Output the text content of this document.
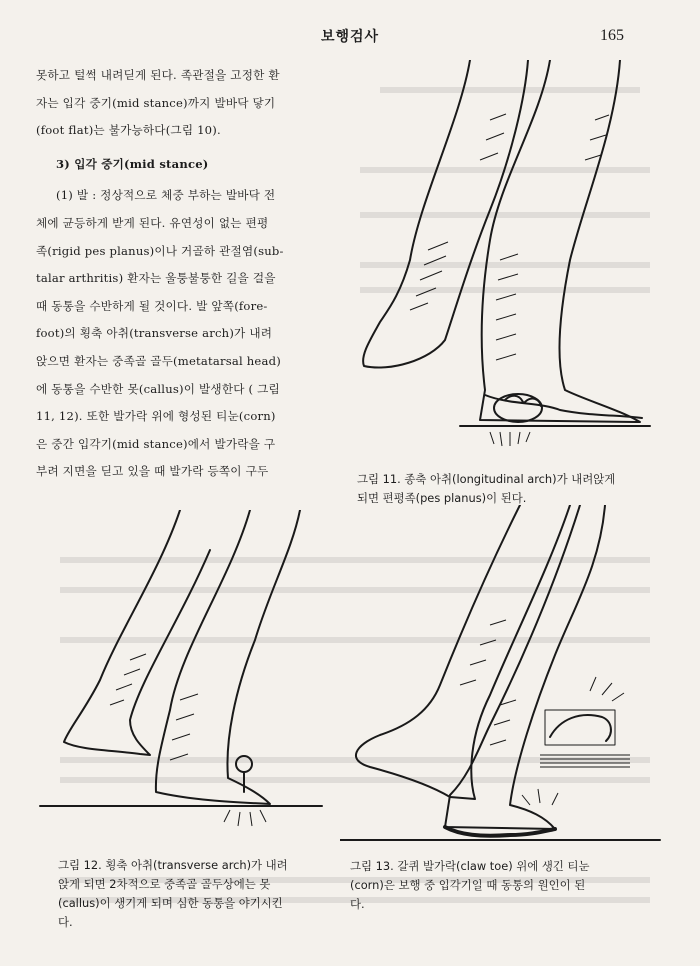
보행검사	165

못하고 털썩 내려딛게 된다. 족관절을 고정한 환

자는 입각 중기(mid stance)까지 발바닥 닿기

(foot flat)는 불가능하다(그림 10).

3) 입각 중기(mid stance)

(1) 발 : 정상적으로 체중 부하는 발바닥 전

체에 균등하게 받게 된다. 유연성이 없는 편평

족(rigid pes planus)이나 거골하 관절염(sub-

talar arthritis) 환자는 울퉁불퉁한 길을 걸을

때 동통을 수반하게 될 것이다. 발 앞쪽(fore-

foot)의 횡축 아취(transverse arch)가 내려

앉으면 환자는 중족골 골두(metatarsal head)

에 동통을 수반한 못(callus)이 발생한다 ( 그림

11, 12). 또한 발가락 위에 형성된 티눈(corn)

은 중간 입각기(mid stance)에서 발가락을 구

부려 지면을 딛고 있을 때 발가락 등쪽이 구두

그림 11. 종축 아취(longitudinal arch)가 내려앉게

되면 편평족(pes planus)이 된다.

그림 12. 횡축 아취(transverse arch)가 내려

앉게 되면 2차적으로 중족골 골두상에는 못

(callus)이 생기게 되며 심한 동통을 야기시킨

다.

그림 13. 갈퀴 발가락(claw toe) 위에 생긴 티눈

(corn)은 보행 중 입각기일 때 동통의 원인이 된

다.
